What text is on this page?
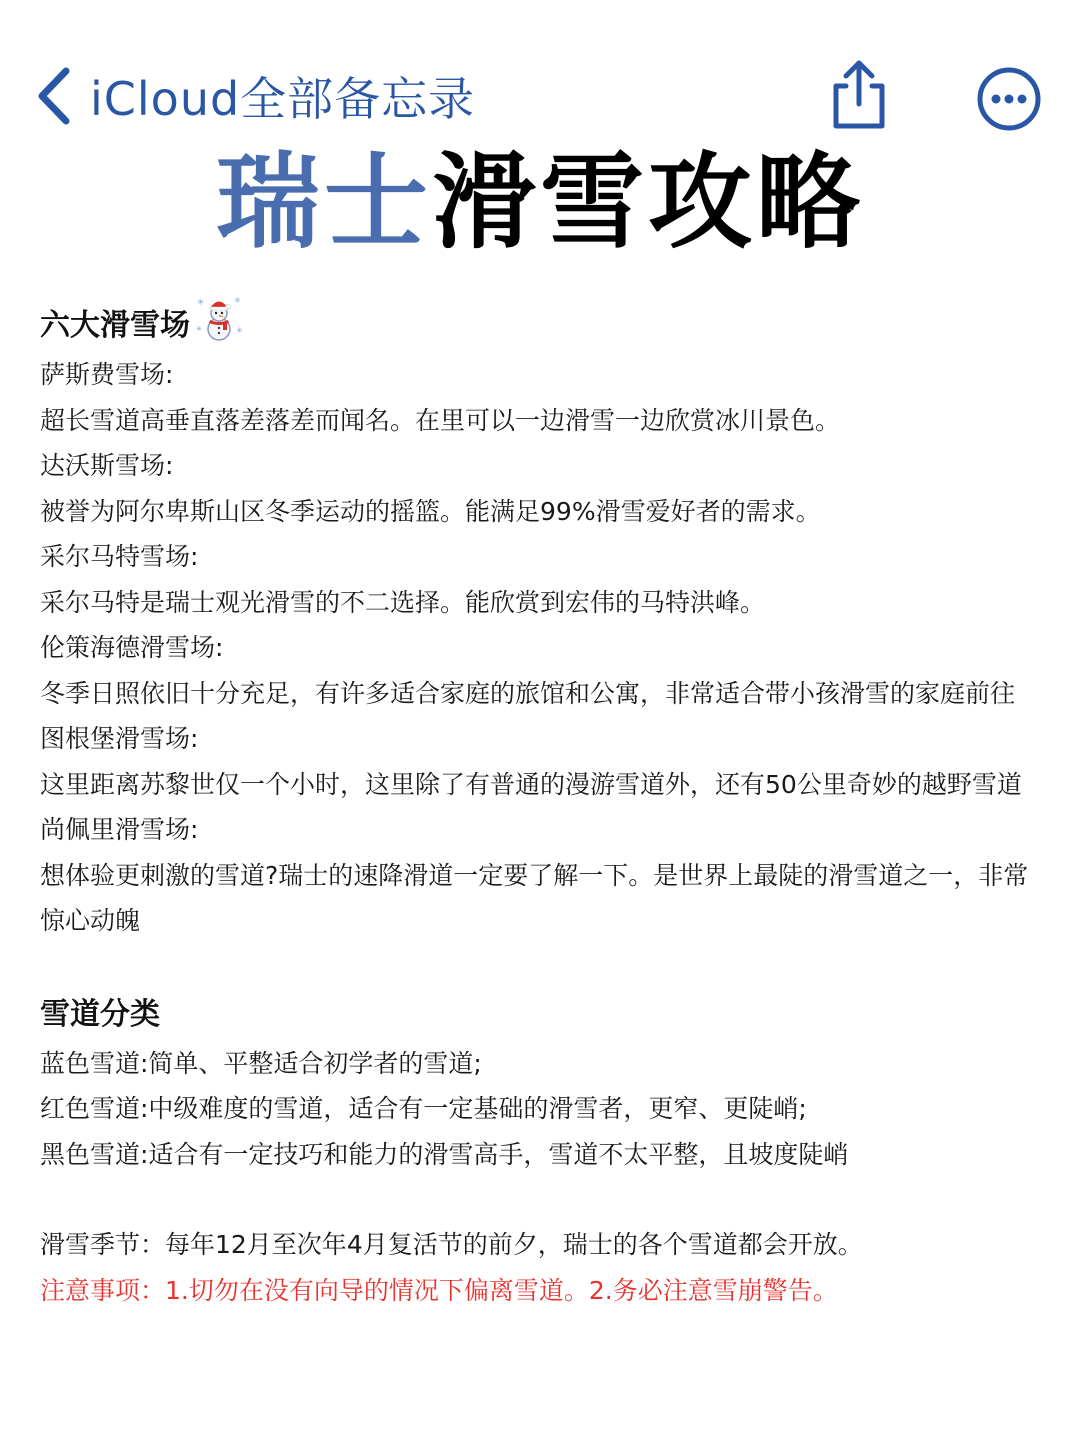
iCloud全部备忘录
瑞士滑雪攻略
六大滑雪场
✳	✳
✳	✳
萨斯费雪场:
超长雪道高垂直落差落差而闻名。在里可以一边滑雪一边欣赏冰川景色。
达沃斯雪场:
被誉为阿尔卑斯山区冬季运动的摇篮。能满足99%滑雪爱好者的需求。
采尔马特雪场:
采尔马特是瑞士观光滑雪的不二选择。能欣赏到宏伟的马特洪峰。
伦策海德滑雪场:
冬季日照依旧十分充足，有许多适合家庭的旅馆和公寓，非常适合带小孩滑雪的家庭前往
图根堡滑雪场:
这里距离苏黎世仅一个小时，这里除了有普通的漫游雪道外，还有50公里奇妙的越野雪道
尚佩里滑雪场:
想体验更刺激的雪道?瑞士的速降滑道一定要了解一下。是世界上最陡的滑雪道之一，非常惊心动魄
雪道分类
蓝色雪道:简单、平整适合初学者的雪道;
红色雪道:中级难度的雪道，适合有一定基础的滑雪者，更窄、更陡峭;
黑色雪道:适合有一定技巧和能力的滑雪高手，雪道不太平整，且坡度陡峭
滑雪季节：每年12月至次年4月复活节的前夕，瑞士的各个雪道都会开放。
注意事项：1.切勿在没有向导的情况下偏离雪道。2.务必注意雪崩警告。
